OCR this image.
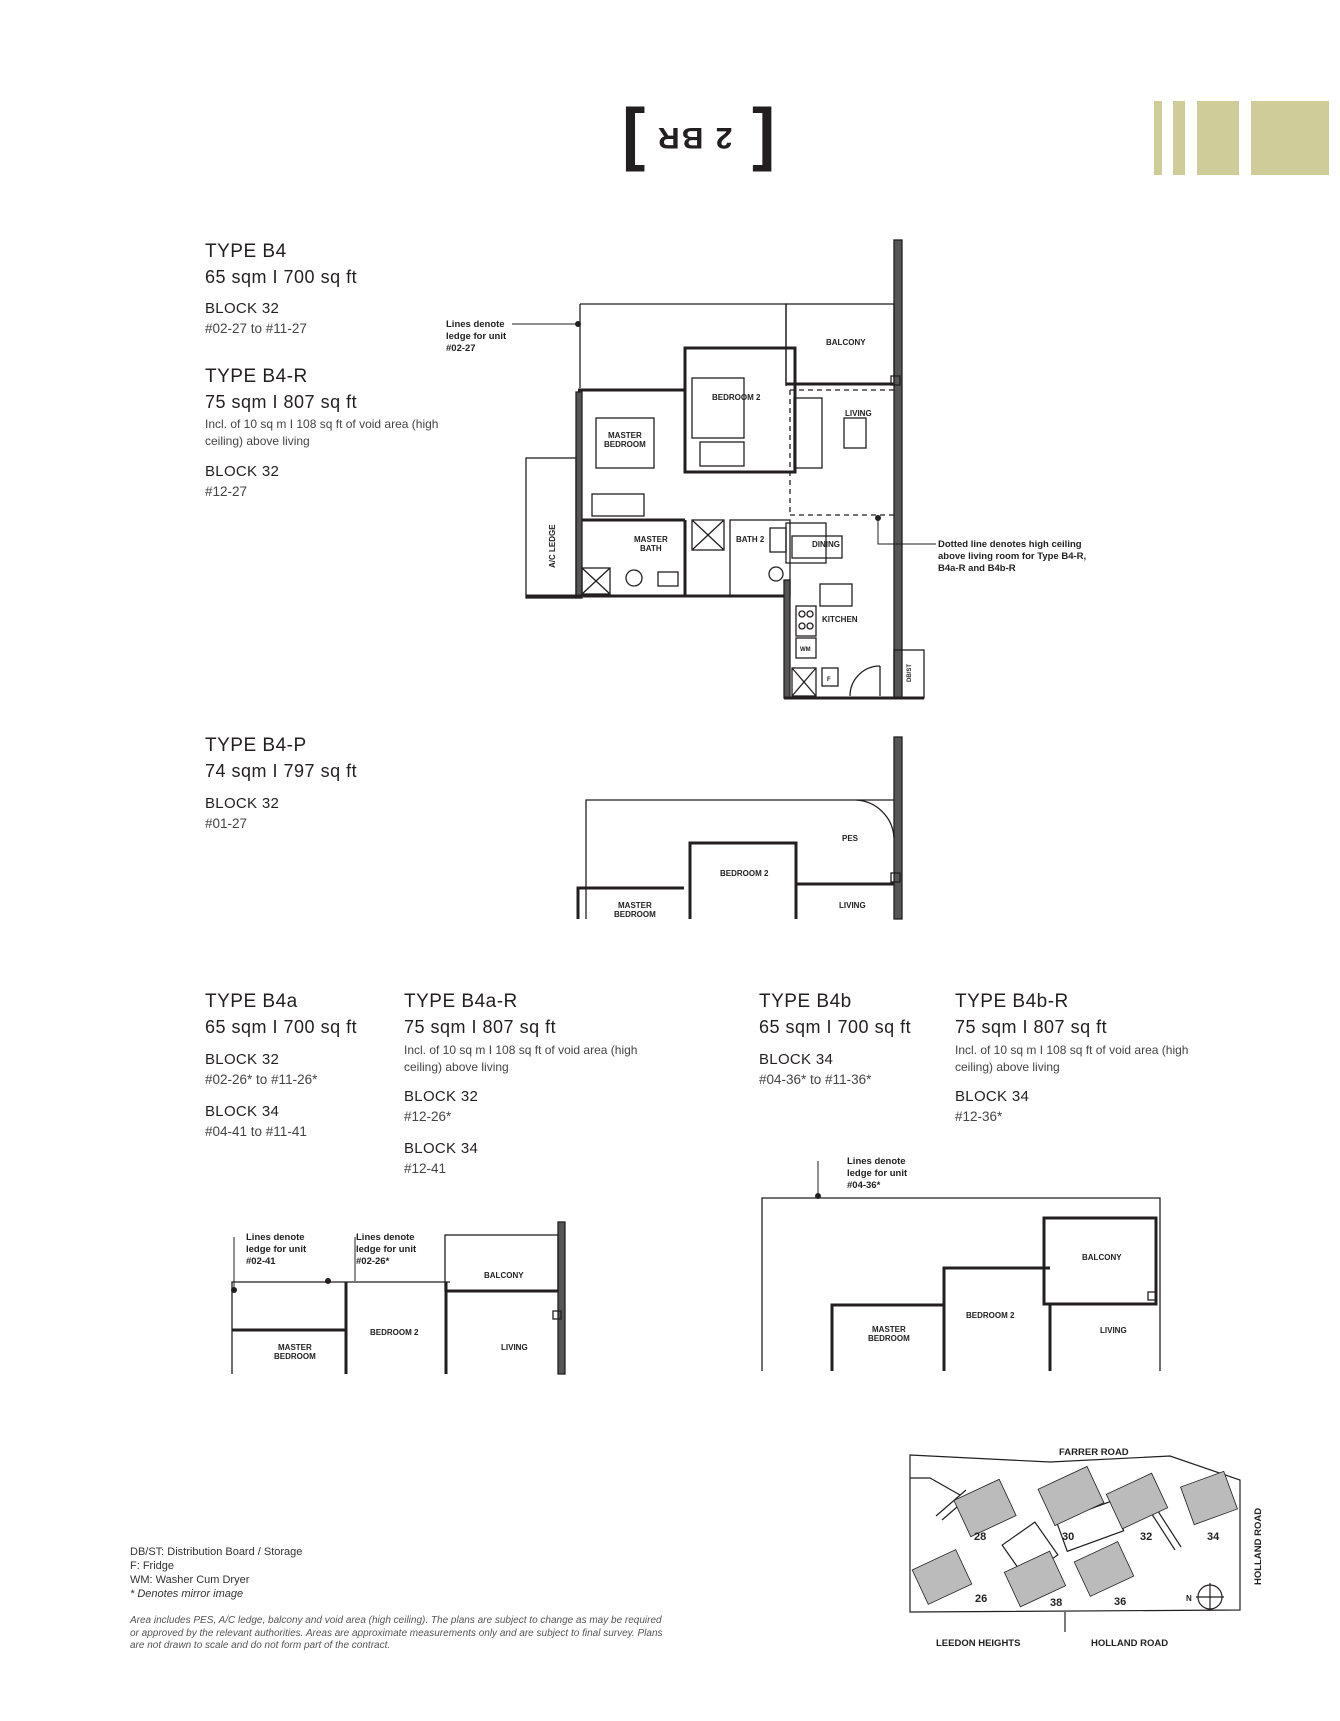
[ 2 BR ]
TYPE B4
65 sqm I 700 sq ft
BLOCK 32
#02-27 to #11-27
TYPE B4-R
75 sqm I 807 sq ft
Incl. of 10 sq m I 108 sq ft of void area (high ceiling) above living
BLOCK 32
#12-27
TYPE B4-P
74 sqm I 797 sq ft
BLOCK 32
#01-27
TYPE B4a
65 sqm I 700 sq ft
BLOCK 32
#02-26* to #11-26*
BLOCK 34
#04-41 to #11-41
TYPE B4a-R
75 sqm I 807 sq ft
Incl. of 10 sq m I 108 sq ft of void area (high ceiling) above living
BLOCK 32
#12-26*
BLOCK 34
#12-41
TYPE B4b
65 sqm I 700 sq ft
BLOCK 34
#04-36* to #11-36*
TYPE B4b-R
75 sqm I 807 sq ft
Incl. of 10 sq m I 108 sq ft of void area (high ceiling) above living
BLOCK 34
#12-36*
BALCONY
LIVING
BEDROOM 2
MASTER
BEDROOM
MASTER
BATH
BATH 2
DINING
KITCHEN
A/C LEDGE
WM
F	DB/ST
Lines denote
ledge for unit
#02-27
Dotted line denotes high ceiling
above living room for Type B4-R,
B4a-R and B4b-R
PES
BEDROOM 2
LIVING
MASTER
BEDROOM
Lines denote
ledge for unit
#02-41
Lines denote
ledge for unit
#02-26*
BALCONY
BEDROOM 2
LIVING
MASTER
BEDROOM
Lines denote
ledge for unit
#04-36*
BALCONY
BEDROOM 2
LIVING
MASTER
BEDROOM
DB/ST: Distribution Board / Storage
F: Fridge
WM: Washer Cum Dryer
* Denotes mirror image
Area includes PES, A/C ledge, balcony and void area (high ceiling). The plans are subject to change as may be required or approved by the relevant authorities. Areas are approximate measurements only and are subject to final survey. Plans are not drawn to scale and do not form part of the contract.
FARRER ROAD
HOLLAND ROAD
LEEDON HEIGHTS	HOLLAND ROAD
28	30	32	34
26	38	36	N
